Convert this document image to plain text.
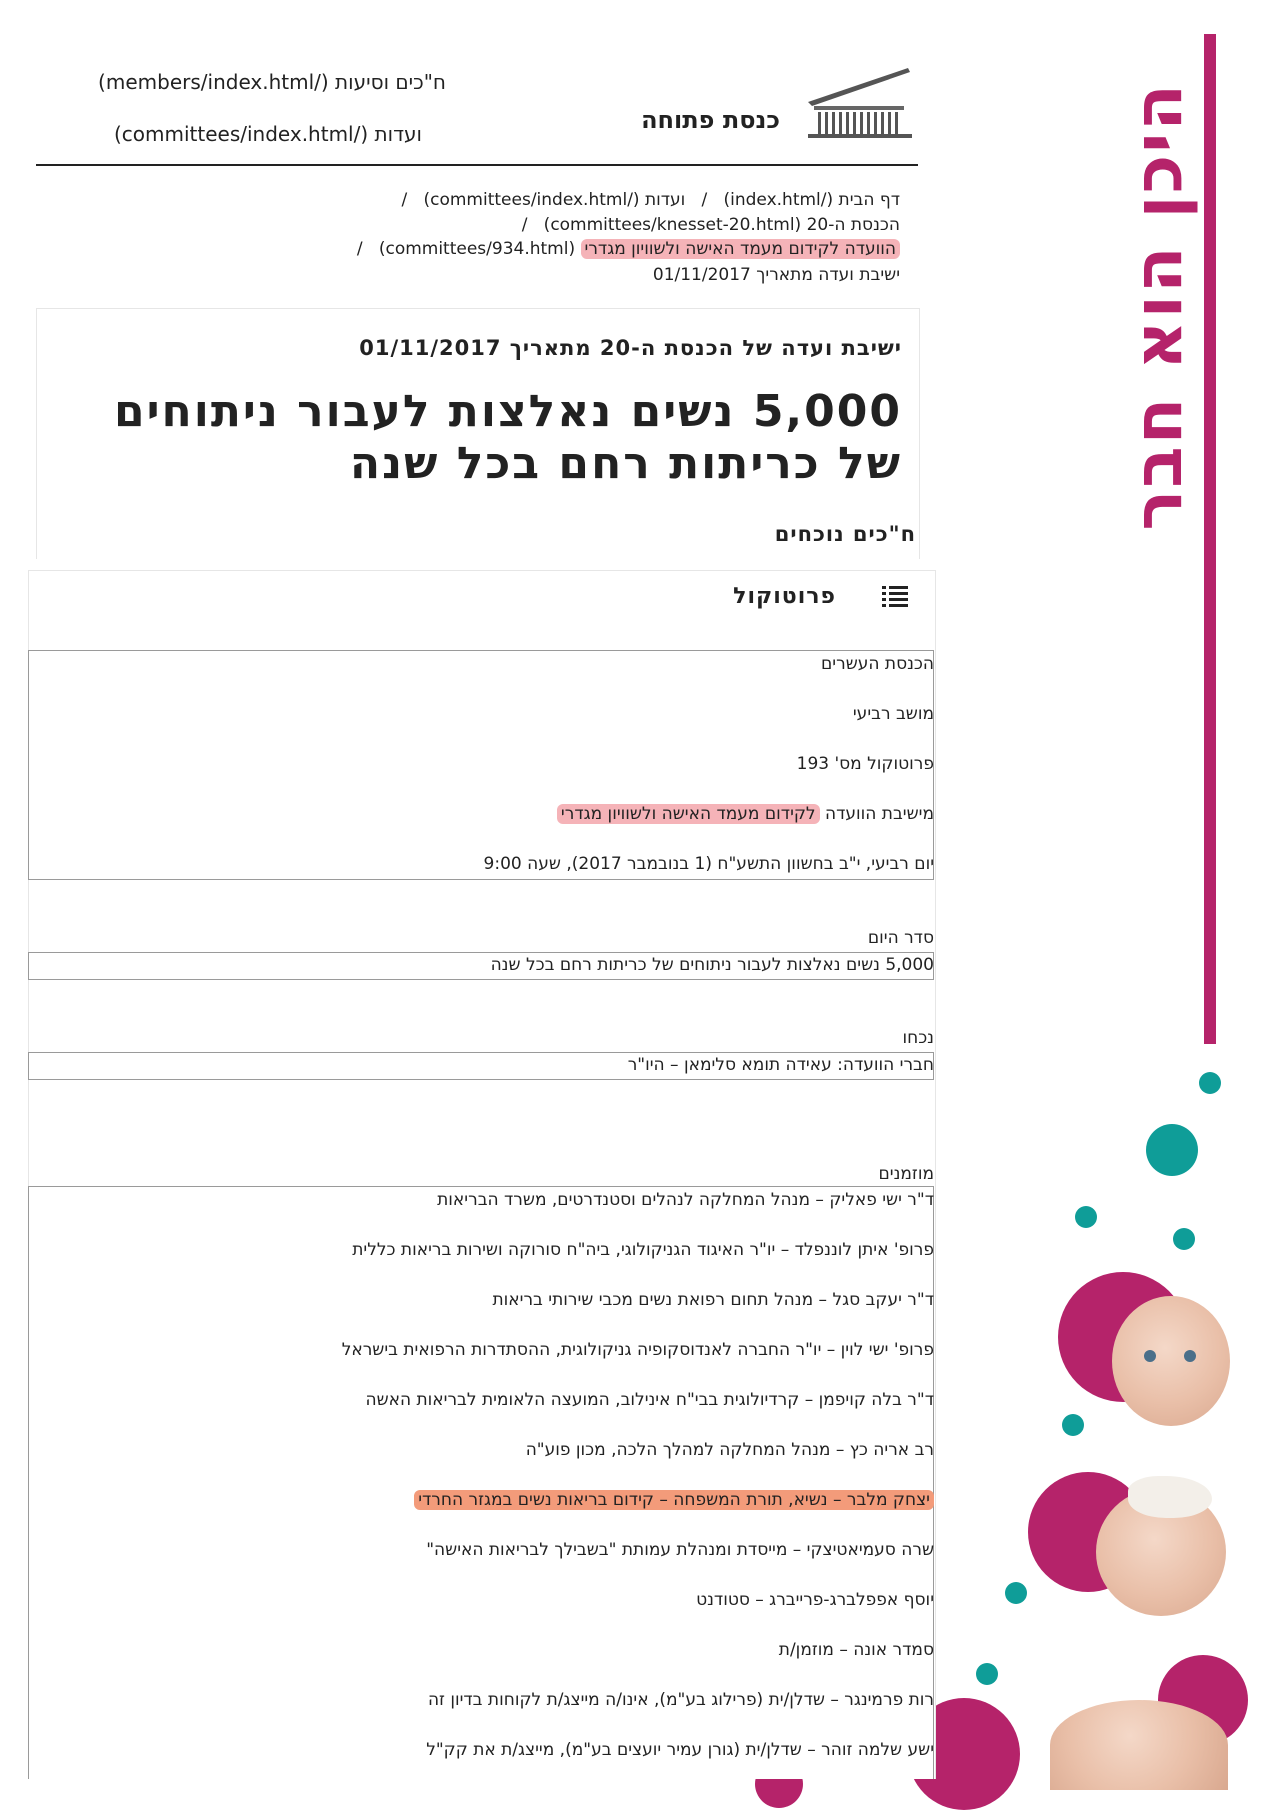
היכן הוא חבר
כנסת פתוחה
ח"כים וסיעות (/members/index.html)
ועדות (/committees/index.html)
דף הבית (/index.html)   /   ועדות (/committees/index.html)   /
הכנסת ה-20 (committees/knesset-20.html)   /
הוועדה לקידום מעמד האישה ולשוויון מגדרי (committees/934.html)   /
ישיבת ועדה מתאריך 01/11/2017
ישיבת ועדה של הכנסת ה-20 מתאריך 01/11/2017
5,000 נשים נאלצות לעבור ניתוחים
של כריתות רחם בכל שנה
ח"כים נוכחים
פרוטוקול
הכנסת העשרים
מושב רביעי
פרוטוקול מס' 193
מישיבת הוועדה לקידום מעמד האישה ולשוויון מגדרי
יום רביעי, י"ב בחשוון התשע"ח (1 בנובמבר 2017), שעה 9:00
סדר היום
5,000 נשים נאלצות לעבור ניתוחים של כריתות רחם בכל שנה
נכחו
חברי הוועדה: עאידה תומא סלימאן – היו"ר
מוזמנים
ד"ר ישי פאליק – מנהל המחלקה לנהלים וסטנדרטים, משרד הבריאות
פרופ' איתן לוננפלד – יו"ר האיגוד הגניקולוגי, ביה"ח סורוקה ושירות בריאות כללית
ד"ר יעקב סגל – מנהל תחום רפואת נשים מכבי שירותי בריאות
פרופ' ישי לוין – יו"ר החברה לאנדוסקופיה גניקולוגית, ההסתדרות הרפואית בישראל
ד"ר בלה קויפמן – קרדיולוגית בבי"ח אינילוב, המועצה הלאומית לבריאות האשה
רב אריה כץ – מנהל המחלקה למהלך הלכה, מכון פוע"ה
יצחק מלבר – נשיא, תורת המשפחה – קידום בריאות נשים במגזר החרדי
שרה סעמיאטיצקי – מייסדת ומנהלת עמותת "בשבילך לבריאות האישה"
יוסף אפפלברג-פרייברג – סטודנט
סמדר אונה – מוזמן/ת
רות פרמינגר – שדלן/ית (פרילוג בע"מ), אינו/ה מייצג/ת לקוחות בדיון זה
ישע שלמה זוהר – שדלן/ית (גורן עמיר יועצים בע"מ), מייצג/ת את קק"ל
